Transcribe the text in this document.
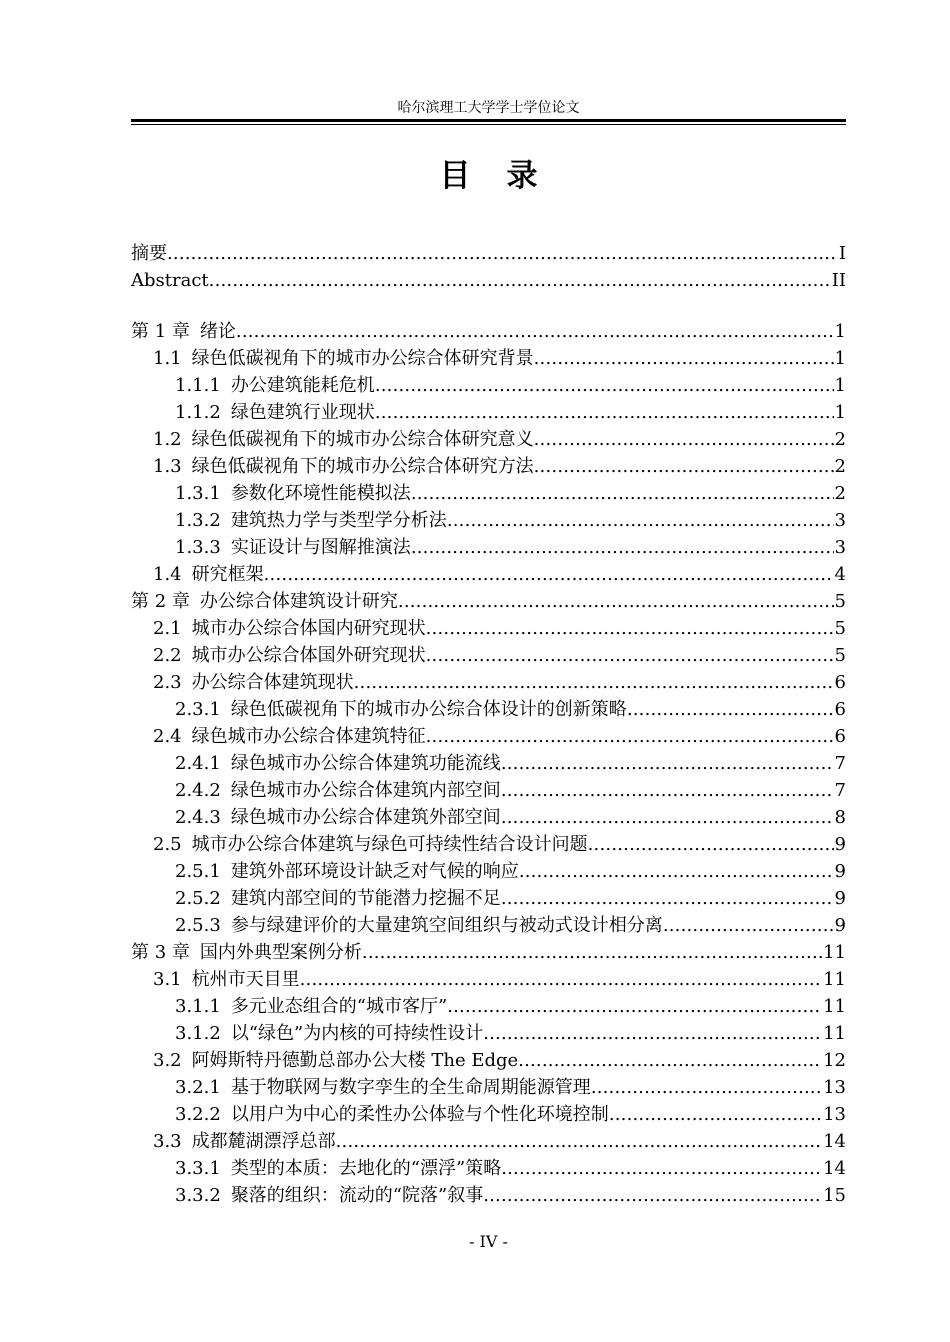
哈尔滨理工大学学士学位论文
目 录
摘要 .....	I
Abstract .....	II
第 1 章 绪论 .....	1
1.1 绿色低碳视角下的城市办公综合体研究背景 .....	1
1.1.1 办公建筑能耗危机 .....	1
1.1.2 绿色建筑行业现状 .....	1
1.2 绿色低碳视角下的城市办公综合体研究意义 .....	2
1.3 绿色低碳视角下的城市办公综合体研究方法 .....	2
1.3.1 参数化环境性能模拟法 .....	2
1.3.2 建筑热力学与类型学分析法 .....	3
1.3.3 实证设计与图解推演法 .....	3
1.4 研究框架 .....	4
第 2 章 办公综合体建筑设计研究 .....	5
2.1 城市办公综合体国内研究现状 .....	5
2.2 城市办公综合体国外研究现状 .....	5
2.3 办公综合体建筑现状 .....	6
2.3.1 绿色低碳视角下的城市办公综合体设计的创新策略 .....	6
2.4 绿色城市办公综合体建筑特征 .....	6
2.4.1 绿色城市办公综合体建筑功能流线 .....	7
2.4.2 绿色城市办公综合体建筑内部空间 .....	7
2.4.3 绿色城市办公综合体建筑外部空间 .....	8
2.5 城市办公综合体建筑与绿色可持续性结合设计问题 .....	9
2.5.1 建筑外部环境设计缺乏对气候的响应 .....	9
2.5.2 建筑内部空间的节能潜力挖掘不足 .....	9
2.5.3 参与绿建评价的大量建筑空间组织与被动式设计相分离 .....	9
第 3 章 国内外典型案例分析 .....	11
3.1 杭州市天目里 .....	11
3.1.1 多元业态组合的“城市客厅” .....	11
3.1.2 以“绿色”为内核的可持续性设计 .....	11
3.2 阿姆斯特丹德勤总部办公大楼 The Edge .....	12
3.2.1 基于物联网与数字孪生的全生命周期能源管理 .....	13
3.2.2 以用户为中心的柔性办公体验与个性化环境控制 .....	13
3.3 成都麓湖漂浮总部 .....	14
3.3.1 类型的本质：去地化的“漂浮”策略 .....	14
3.3.2 聚落的组织：流动的“院落”叙事 .....	15
- IV -
